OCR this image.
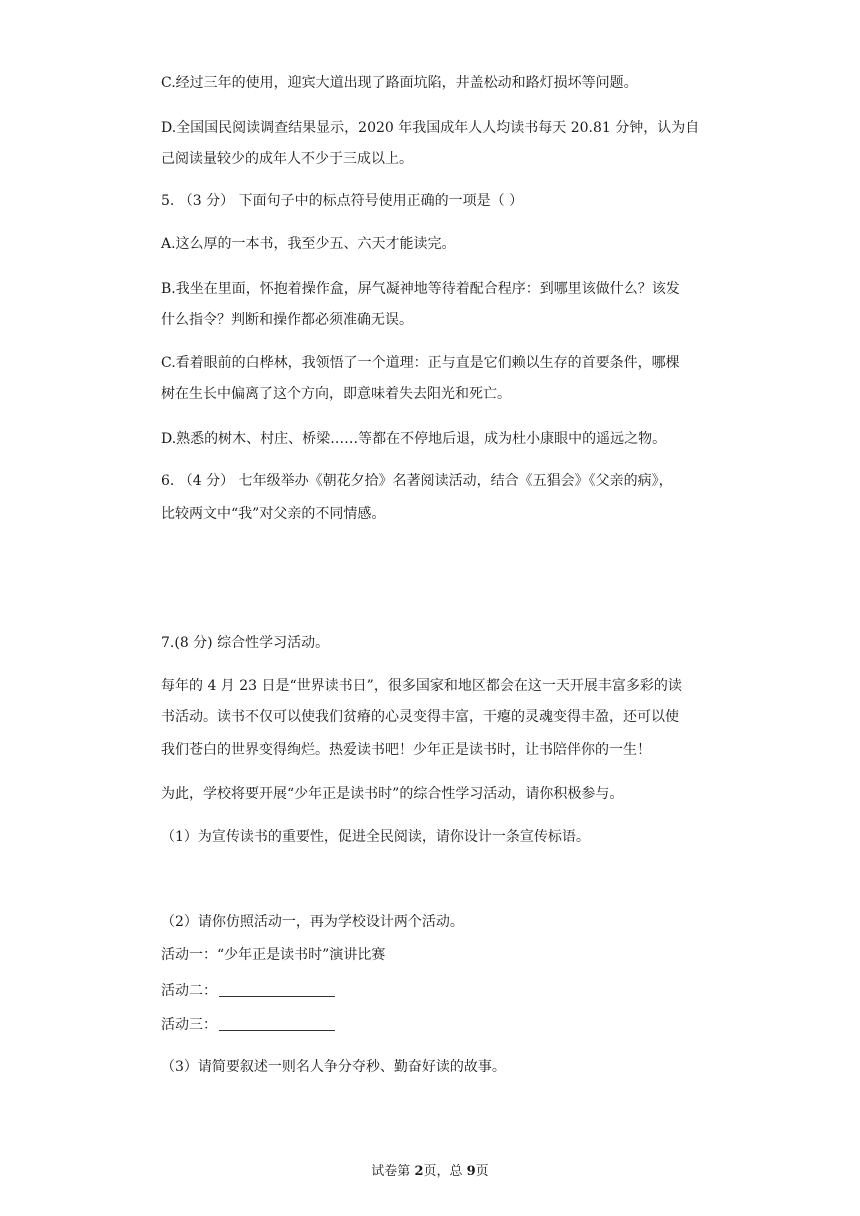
C.经过三年的使用，迎宾大道出现了路面坑陷，井盖松动和路灯损坏等问题。
D.全国国民阅读调查结果显示，2020 年我国成年人人均读书每天 20.81 分钟，认为自
己阅读量较少的成年人不少于三成以上。
5. （3 分） 下面句子中的标点符号使用正确的一项是（ ）
A.这么厚的一本书，我至少五、六天才能读完。
B.我坐在里面，怀抱着操作盒，屏气凝神地等待着配合程序：到哪里该做什么？该发
什么指令？判断和操作都必须准确无误。
C.看着眼前的白桦林，我领悟了一个道理：正与直是它们赖以生存的首要条件，哪棵
树在生长中偏离了这个方向，即意味着失去阳光和死亡。
D.熟悉的树木、村庄、桥梁……等都在不停地后退，成为杜小康眼中的遥远之物。
6. （4 分） 七年级举办《朝花夕拾》名著阅读活动，结合《五猖会》《父亲的病》，
比较两文中“我”对父亲的不同情感。
7.(8 分) 综合性学习活动。
每年的 4 月 23 日是“世界读书日”，很多国家和地区都会在这一天开展丰富多彩的读
书活动。读书不仅可以使我们贫瘠的心灵变得丰富，干瘪的灵魂变得丰盈，还可以使
我们苍白的世界变得绚烂。热爱读书吧！少年正是读书时，让书陪伴你的一生！
为此，学校将要开展“少年正是读书时”的综合性学习活动，请你积极参与。
（1）为宣传读书的重要性，促进全民阅读，请你设计一条宣传标语。
（2）请你仿照活动一，再为学校设计两个活动。
活动一：“少年正是读书时”演讲比赛
活动二：
活动三：
（3）请简要叙述一则名人争分夺秒、勤奋好读的故事。
试卷第 2页，总 9页
